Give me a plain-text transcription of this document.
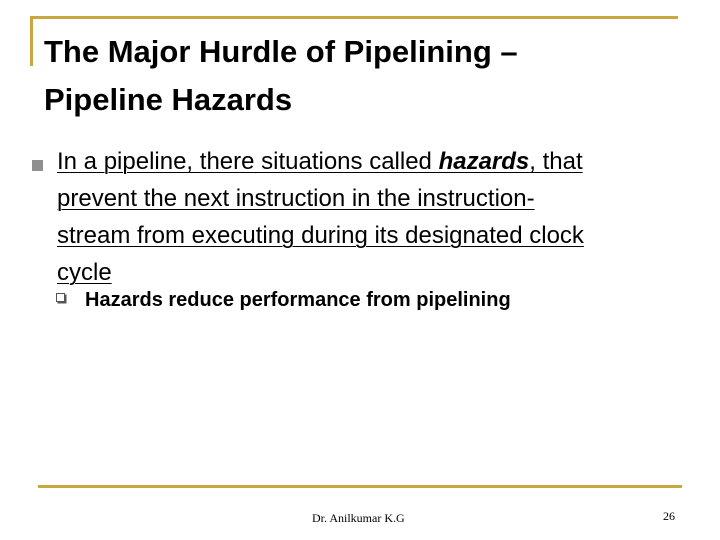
The Major Hurdle of Pipelining –
Pipeline Hazards

In a pipeline, there situations called hazards, that
prevent the next instruction in the instruction-
stream from executing during its designated clock
cycle

Hazards reduce performance from pipelining

Dr. Anilkumar K.G	26
